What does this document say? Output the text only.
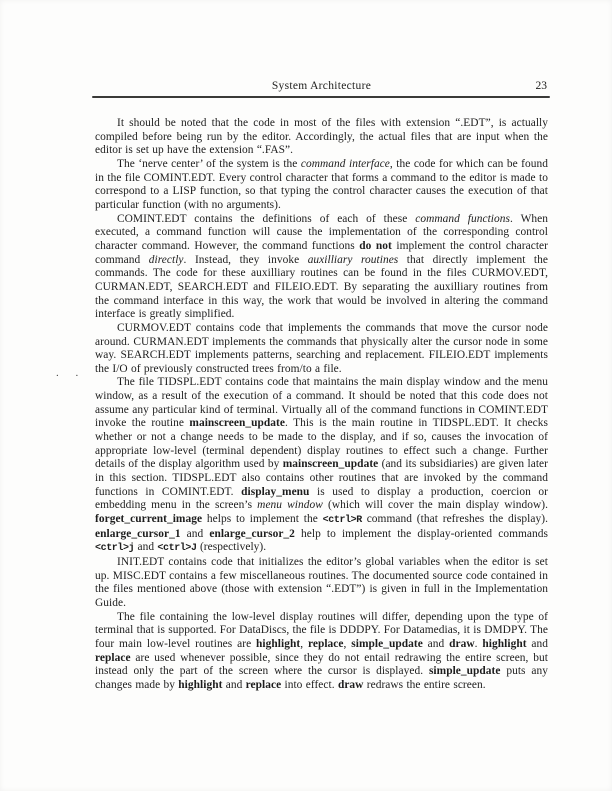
System Architecture	23

It should be noted that the code in most of the files with extension “.EDT”, is actually compiled before being run by the editor. Accordingly, the actual files that are input when the editor is set up have the extension “.FAS”.

The ‘nerve center’ of the system is the command interface, the code for which can be found in the file COMINT.EDT. Every control character that forms a command to the editor is made to correspond to a LISP function, so that typing the control character causes the execution of that particular function (with no arguments).

COMINT.EDT contains the definitions of each of these command functions. When executed, a command function will cause the implementation of the corresponding control character command. However, the command functions do not implement the control character command directly. Instead, they invoke auxilliary routines that directly implement the commands. The code for these auxilliary routines can be found in the files CURMOV.EDT, CURMAN.EDT, SEARCH.EDT and FILEIO.EDT. By separating the auxilliary routines from the command interface in this way, the work that would be involved in altering the command interface is greatly simplified.

CURMOV.EDT contains code that implements the commands that move the cursor node around. CURMAN.EDT implements the commands that physically alter the cursor node in some way. SEARCH.EDT implements patterns, searching and replacement. FILEIO.EDT implements the I/O of previously constructed trees from/to a file.

The file TIDSPL.EDT contains code that maintains the main display window and the menu window, as a result of the execution of a command. It should be noted that this code does not assume any particular kind of terminal. Virtually all of the command functions in COMINT.EDT invoke the routine mainscreen_update. This is the main routine in TIDSPL.EDT. It checks whether or not a change needs to be made to the display, and if so, causes the invocation of appropriate low-level (terminal dependent) display routines to effect such a change. Further details of the display algorithm used by mainscreen_update (and its subsidiaries) are given later in this section. TIDSPL.EDT also contains other routines that are invoked by the command functions in COMINT.EDT. display_menu is used to display a production, coercion or embedding menu in the screen’s menu window (which will cover the main display window). forget_current_image helps to implement the <ctrl>R command (that refreshes the display). enlarge_cursor_1 and enlarge_cursor_2 help to implement the display-oriented commands <ctrl>j and <ctrl>J (respectively).

INIT.EDT contains code that initializes the editor’s global variables when the editor is set up. MISC.EDT contains a few miscellaneous routines. The documented source code contained in the files mentioned above (those with extension “.EDT”) is given in full in the Implementation Guide.

The file containing the low-level display routines will differ, depending upon the type of terminal that is supported. For DataDiscs, the file is DDDPY. For Datamedias, it is DMDPY. The four main low-level routines are highlight, replace, simple_update and draw. highlight and replace are used whenever possible, since they do not entail redrawing the entire screen, but instead only the part of the screen where the cursor is displayed. simple_update puts any changes made by highlight and replace into effect. draw redraws the entire screen.

. .
